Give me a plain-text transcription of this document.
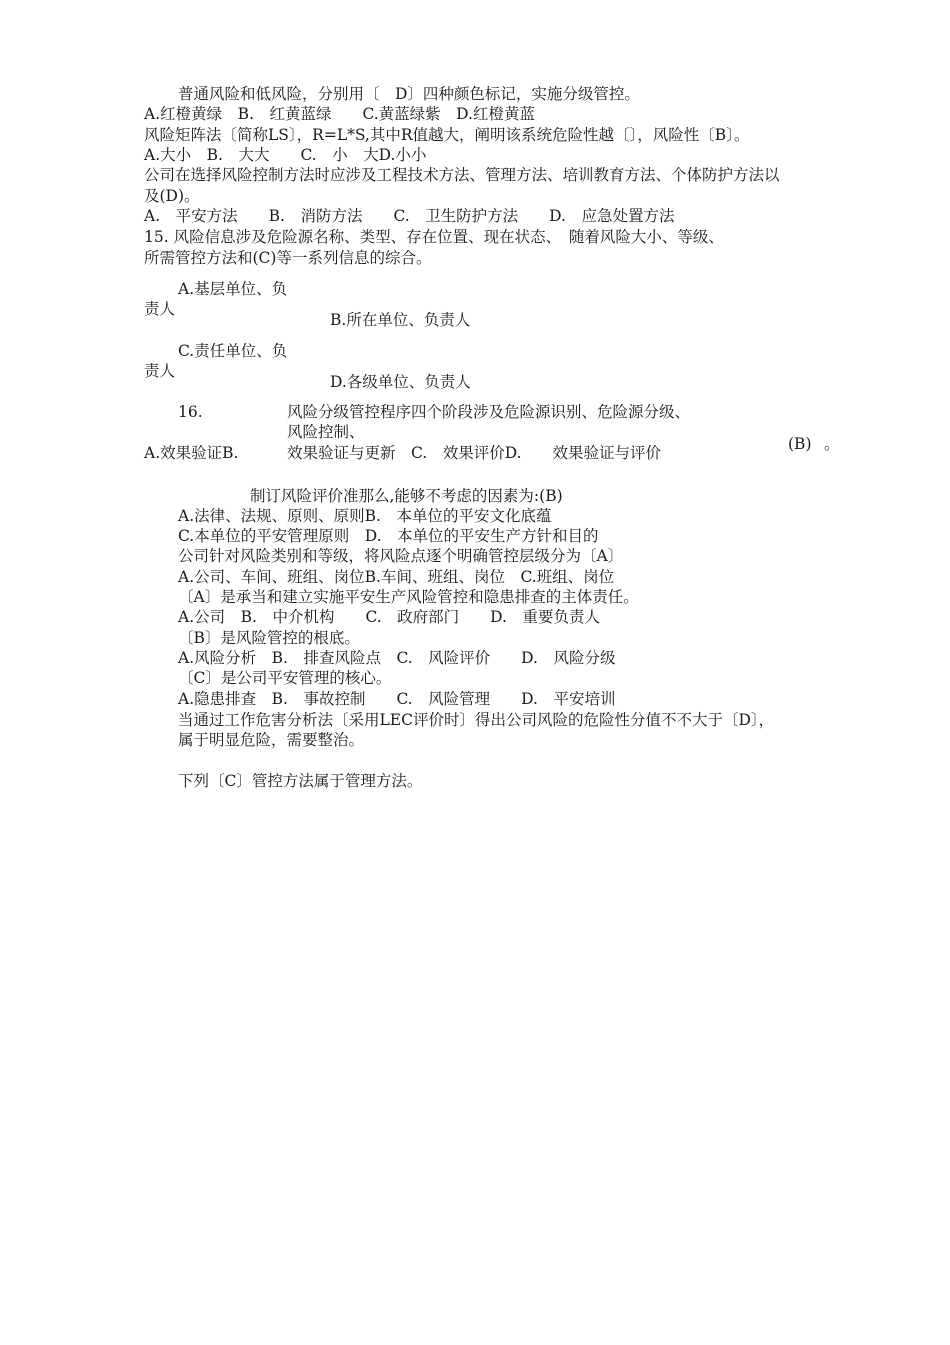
普通风险和低风险，分别用〔　D〕四种颜色标记，实施分级管控。
A.红橙黄绿　B.　红黄蓝绿　　C.黄蓝绿紫　D.红橙黄蓝
风险矩阵法〔简称LS〕，R=L*S,其中R值越大，阐明该系统危险性越〔〕，风险性〔B〕。
A.大小　B.　大大　　C.　小　大D.小小
公司在选择风险控制方法时应涉及工程技术方法、管理方法、培训教育方法、个体防护方法以
及(D)。
A.　平安方法　　B.　消防方法　　C.　卫生防护方法　　D.　应急处置方法
15. 风险信息涉及危险源名称、类型、存在位置、现在状态、　随着风险大小、等级、
所需管控方法和(C)等一系列信息的综合。
A.基层单位、负
责人
B.所在单位、负责人
C.责任单位、负
责人
D.各级单位、负责人
16.	风险分级管控程序四个阶段涉及危险源识别、危险源分级、
风险控制、
A.效果验证B.	效果验证与更新　C.　效果评价D.　　效果验证与评价	(B) 。
制订风险评价准那么,能够不考虑的因素为:(B)
A.法律、法规、原则、原则B.　本单位的平安文化底蕴
C.本单位的平安管理原则　D.　本单位的平安生产方针和目的
公司针对风险类别和等级，将风险点逐个明确管控层级分为〔A〕
A.公司、车间、班组、岗位B.车间、班组、岗位　C.班组、岗位
〔A〕是承当和建立实施平安生产风险管控和隐患排查的主体责任。
A.公司　B.　中介机构　　C.　政府部门　　D.　重要负责人
〔B〕是风险管控的根底。
A.风险分析　B.　排查风险点　C.　风险评价　　D.　风险分级
〔C〕是公司平安管理的核心。
A.隐患排查　B.　事故控制　　C.　风险管理　　D.　平安培训
当通过工作危害分析法〔采用LEC评价时〕得出公司风险的危险性分值不不大于〔D〕，
属于明显危险，需要整治。
下列〔C〕管控方法属于管理方法。
